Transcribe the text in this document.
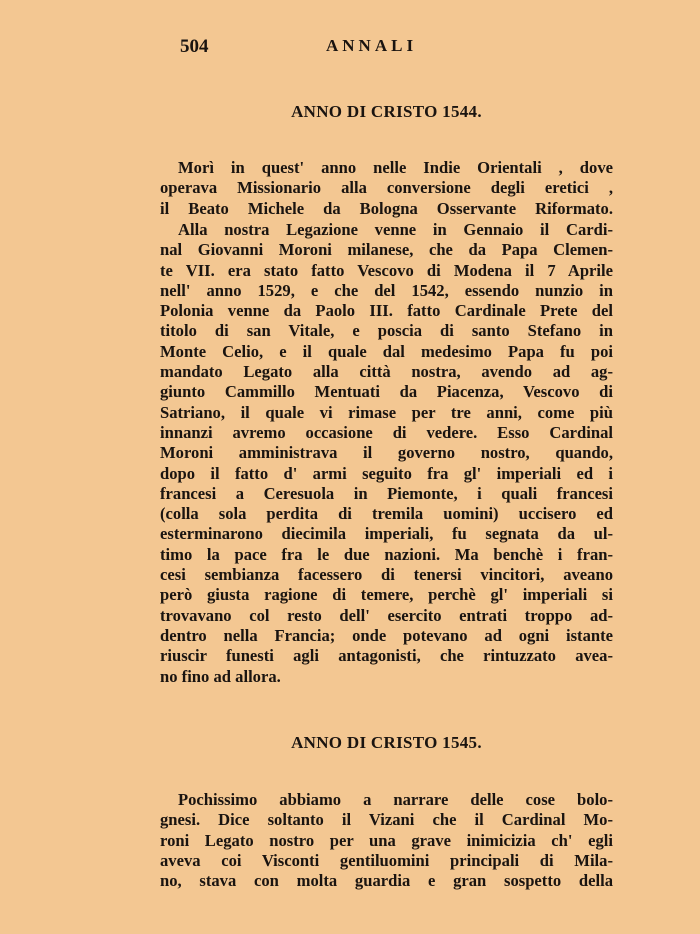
504	ANNALI
ANNO DI CRISTO 1544.
Morì in quest' anno nelle Indie Orientali , dove
operava Missionario alla conversione degli eretici ,
il Beato Michele da Bologna Osservante Riformato.
Alla nostra Legazione venne in Gennaio il Cardi-
nal Giovanni Moroni milanese, che da Papa Clemen-
te VII. era stato fatto Vescovo di Modena il 7 Aprile
nell' anno 1529, e che del 1542, essendo nunzio in
Polonia venne da Paolo III. fatto Cardinale Prete del
titolo di san Vitale, e poscia di santo Stefano in
Monte Celio, e il quale dal medesimo Papa fu poi
mandato Legato alla città nostra, avendo ad ag-
giunto Cammillo Mentuati da Piacenza, Vescovo di
Satriano, il quale vi rimase per tre anni, come più
innanzi avremo occasione di vedere. Esso Cardinal
Moroni amministrava il governo nostro, quando,
dopo il fatto d' armi seguito fra gl' imperiali ed i
francesi a Ceresuola in Piemonte, i quali francesi
(colla sola perdita di tremila uomini) uccisero ed
esterminarono diecimila imperiali, fu segnata da ul-
timo la pace fra le due nazioni. Ma benchè i fran-
cesi sembianza facessero di tenersi vincitori, aveano
però giusta ragione di temere, perchè gl' imperiali si
trovavano col resto dell' esercito entrati troppo ad-
dentro nella Francia; onde potevano ad ogni istante
riuscir funesti agli antagonisti, che rintuzzato avea-
no fino ad allora.
ANNO DI CRISTO 1545.
Pochissimo abbiamo a narrare delle cose bolo-
gnesi. Dice soltanto il Vizani che il Cardinal Mo-
roni Legato nostro per una grave inimicizia ch' egli
aveva coi Visconti gentiluomini principali di Mila-
no, stava con molta guardia e gran sospetto della
